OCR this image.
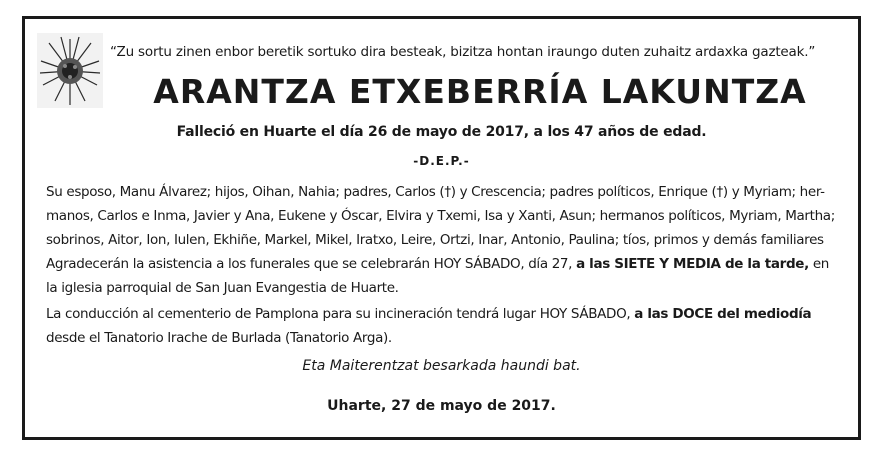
“Zu sortu zinen enbor beretik sortuko dira besteak, bizitza hontan iraungo duten zuhaitz ardaxka gazteak.”
ARANTZA ETXEBERRÍA LAKUNTZA
Falleció en Huarte el día 26 de mayo de 2017, a los 47 años de edad.
-D.E.P.-
Su esposo, Manu Álvarez; hijos, Oihan, Nahia; padres, Carlos (†) y Crescencia; padres políticos, Enrique (†) y Myriam; her-
manos, Carlos e Inma, Javier y Ana, Eukene y Óscar, Elvira y Txemi, Isa y Xanti, Asun; hermanos políticos, Myriam, Martha;
sobrinos, Aitor, Ion, Iulen, Ekhiñe, Markel, Mikel, Iratxo, Leire, Ortzi, Inar, Antonio, Paulina; tíos, primos y demás familiares
Agradecerán la asistencia a los funerales que se celebrarán HOY SÁBADO, día 27, a las SIETE Y MEDIA de la tarde, en
la iglesia parroquial de San Juan Evangestia de Huarte.
La conducción al cementerio de Pamplona para su incineración tendrá lugar HOY SÁBADO, a las DOCE del mediodía
desde el Tanatorio Irache de Burlada (Tanatorio Arga).
Eta Maiterentzat besarkada haundi bat.
Uharte, 27 de mayo de 2017.
